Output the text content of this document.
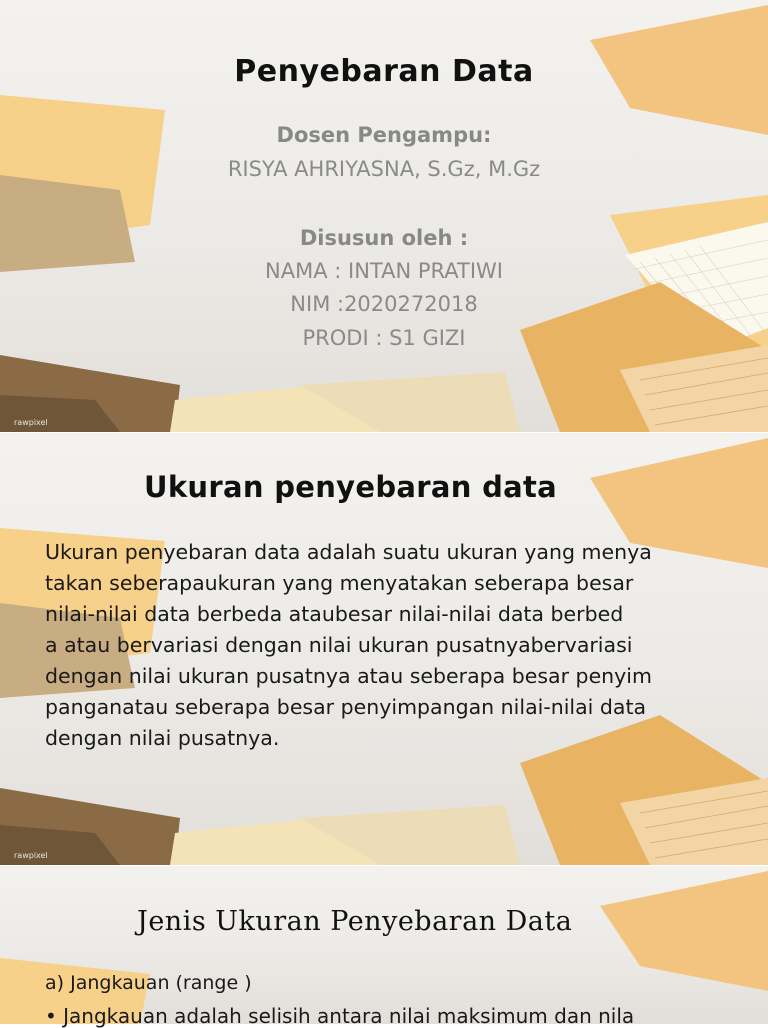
Penyebaran Data
Dosen Pengampu:
RISYA AHRIYASNA, S.Gz, M.Gz
Disusun oleh :
NAMA : INTAN PRATIWI
NIM :2020272018
PRODI : S1 GIZI
rawpixel
Ukuran penyebaran data
Ukuran penyebaran data adalah suatu ukuran yang menya
takan seberapaukuran yang menyatakan seberapa besar
nilai-nilai data berbeda ataubesar nilai-nilai data berbed
a atau bervariasi dengan nilai ukuran pusatnyabervariasi
dengan nilai ukuran pusatnya atau seberapa besar penyim
panganatau seberapa besar penyimpangan nilai-nilai data
dengan nilai pusatnya.
rawpixel
Jenis Ukuran Penyebaran Data
a) Jangkauan (range )
• Jangkauan adalah selisih antara nilai maksimum dan nila
